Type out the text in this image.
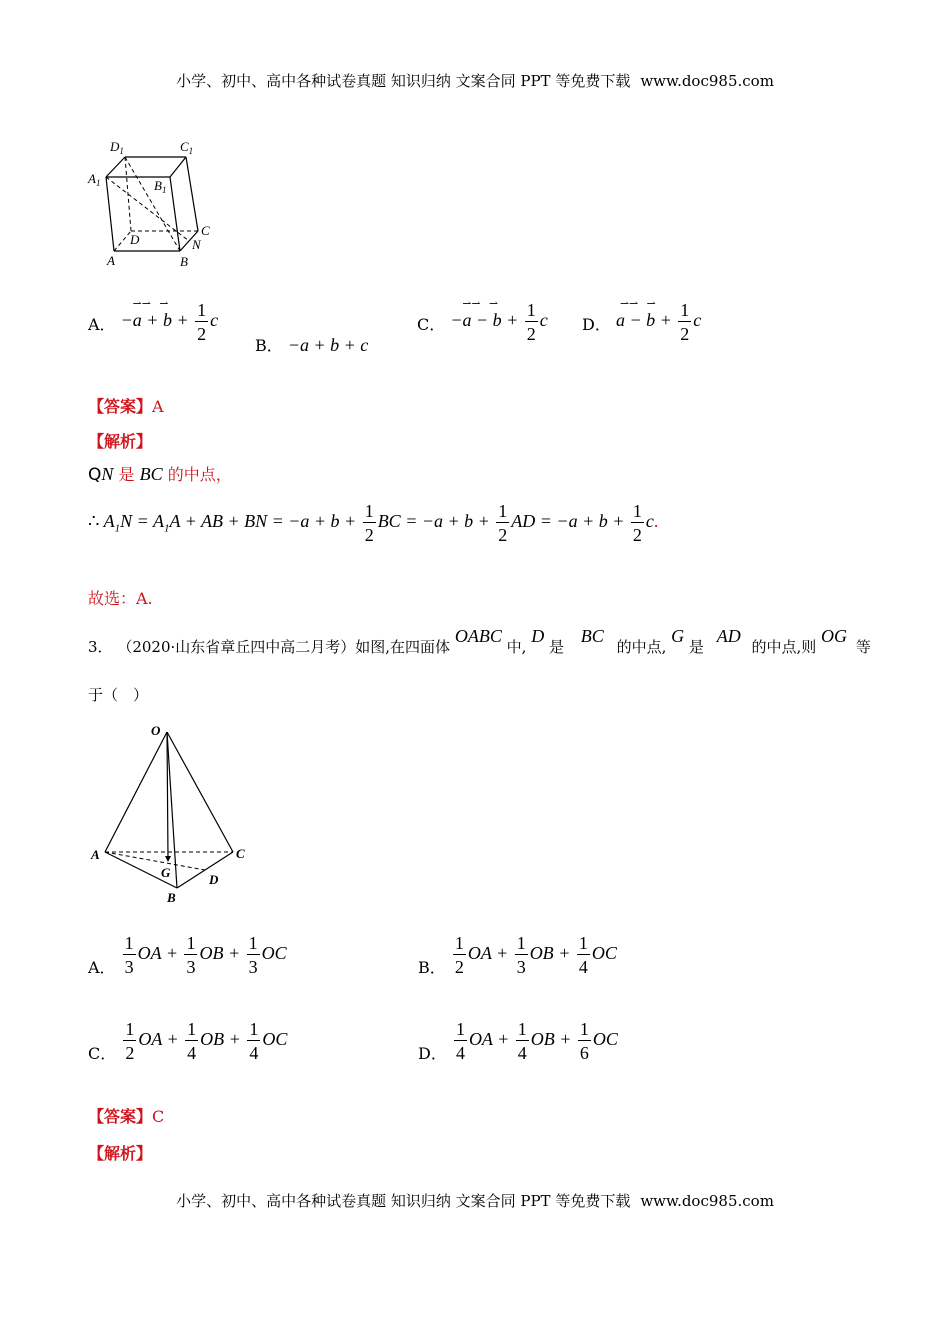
小学、初中、高中各种试卷真题 知识归纳 文案合同 PPT 等免费下载 www.doc985.com
$D_1$	$C_1$
$A_1$	$B_1$
D
C
N
A	B
A．
⇀⇀   ⇀
$-a + b + \frac{1}{2}$ c
B． −a + b + c
C．
⇀⇀   ⇀
$-a - b + \frac{1}{2}$ c D．
⇀⇀   ⇀
$a - b + \frac{1}{2}$ c
【答案】A
【解析】
QN 是 BC 的中点，
∴ $A_1N = A_1A$ + AB + BN = $-a + b + \frac{1}{2}$ BC = $-a + b + \frac{1}{2}$ AD = $-a + b + \frac{1}{2} c$.
故选：A.
3． （2020·山东省章丘四中高二月考）如图,在四面体 OABC 中, D 是 BC 的中点, G 是 AD 的中点,则 OG 等
于（　）
O
A	C
G	D
B
A． $\frac{1}{3}$ OA + $\frac{1}{3}$ OB + $\frac{1}{3}$ OC
B． $\frac{1}{2}$ OA + $\frac{1}{3}$ OB + $\frac{1}{4}$ OC
C． $\frac{1}{2}$ OA + $\frac{1}{4}$ OB + $\frac{1}{4}$ OC
D． $\frac{1}{4}$ OA + $\frac{1}{4}$ OB + $\frac{1}{6}$ OC
【答案】C
【解析】
小学、初中、高中各种试卷真题 知识归纳 文案合同 PPT 等免费下载 www.doc985.com
